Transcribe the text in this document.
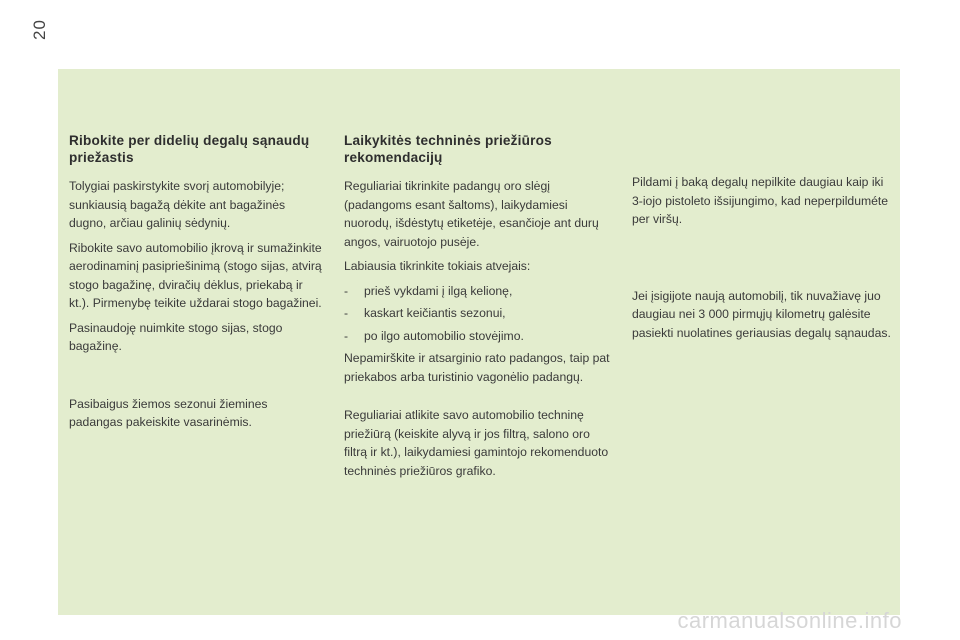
20
Ribokite per didelių degalų sąnaudų priežastis

Tolygiai paskirstykite svorį automobilyje; sunkiausią bagažą dėkite ant bagažinės dugno, arčiau galinių sėdynių.

Ribokite savo automobilio įkrovą ir sumažinkite aerodinaminį pasipriešinimą (stogo sijas, atvirą stogo bagažinę, dviračių dėklus, priekabą ir kt.). Pirmenybę teikite uždarai stogo bagažinei.

Pasinaudoję nuimkite stogo sijas, stogo bagažinę.

Pasibaigus žiemos sezonui žiemines padangas pakeiskite vasarinėmis.

Laikykitės techninės priežiūros rekomendacijų

Reguliariai tikrinkite padangų oro slėgį (padangoms esant šaltoms), laikydamiesi nuorodų, išdėstytų etiketėje, esančioje ant durų angos, vairuotojo pusėje.

Labiausia tikrinkite tokiais atvejais:

-	prieš vykdami į ilgą kelionę,
-	kaskart keičiantis sezonui,
-	po ilgo automobilio stovėjimo.

Nepamirškite ir atsarginio rato padangos, taip pat priekabos arba turistinio vagonėlio padangų.

Reguliariai atlikite savo automobilio techninę priežiūrą (keiskite alyvą ir jos filtrą, salono oro filtrą ir kt.), laikydamiesi gamintojo rekomenduoto techninės priežiūros grafiko.

Pildami į baką degalų nepilkite daugiau kaip iki 3-iojo pistoleto išsijungimo, kad neperpilduméte per viršų.

Jei įsigijote naują automobilį, tik nuvažiavę juo daugiau nei 3 000 pirmųjų kilometrų galėsite pasiekti nuolatines geriausias degalų sąnaudas.

carmanualsonline.info
